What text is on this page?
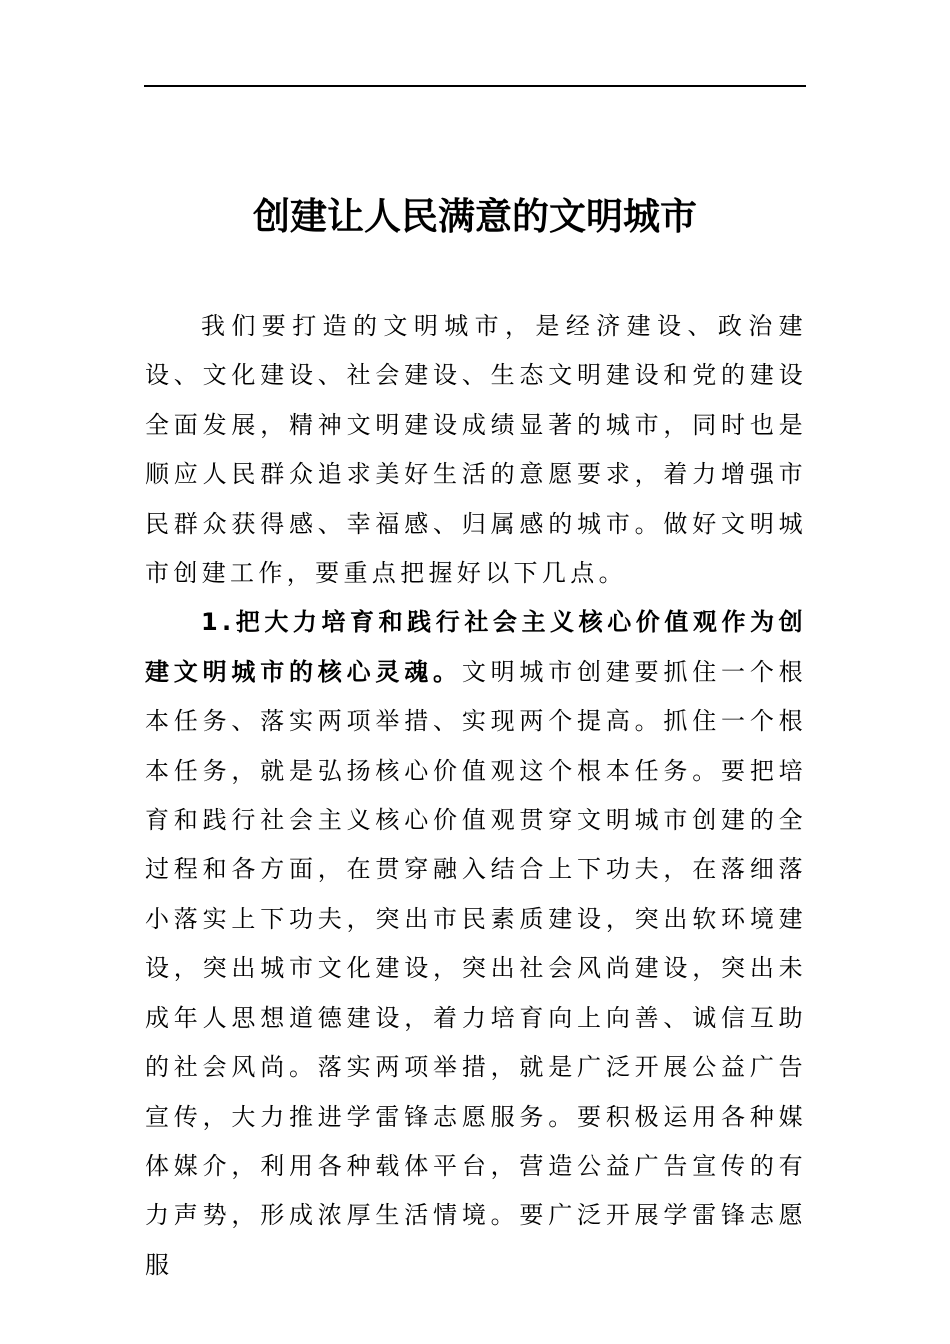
创建让人民满意的文明城市

我们要打造的文明城市，是经济建设、政治建设、文化建设、社会建设、生态文明建设和党的建设全面发展，精神文明建设成绩显著的城市，同时也是顺应人民群众追求美好生活的意愿要求，着力增强市民群众获得感、幸福感、归属感的城市。做好文明城市创建工作，要重点把握好以下几点。

1.把大力培育和践行社会主义核心价值观作为创建文明城市的核心灵魂。文明城市创建要抓住一个根本任务、落实两项举措、实现两个提高。抓住一个根本任务，就是弘扬核心价值观这个根本任务。要把培育和践行社会主义核心价值观贯穿文明城市创建的全过程和各方面，在贯穿融入结合上下功夫，在落细落小落实上下功夫，突出市民素质建设，突出软环境建设，突出城市文化建设，突出社会风尚建设，突出未成年人思想道德建设，着力培育向上向善、诚信互助的社会风尚。落实两项举措，就是广泛开展公益广告宣传，大力推进学雷锋志愿服务。要积极运用各种媒体媒介，利用各种载体平台，营造公益广告宣传的有力声势，形成浓厚生活情境。要广泛开展学雷锋志愿服
